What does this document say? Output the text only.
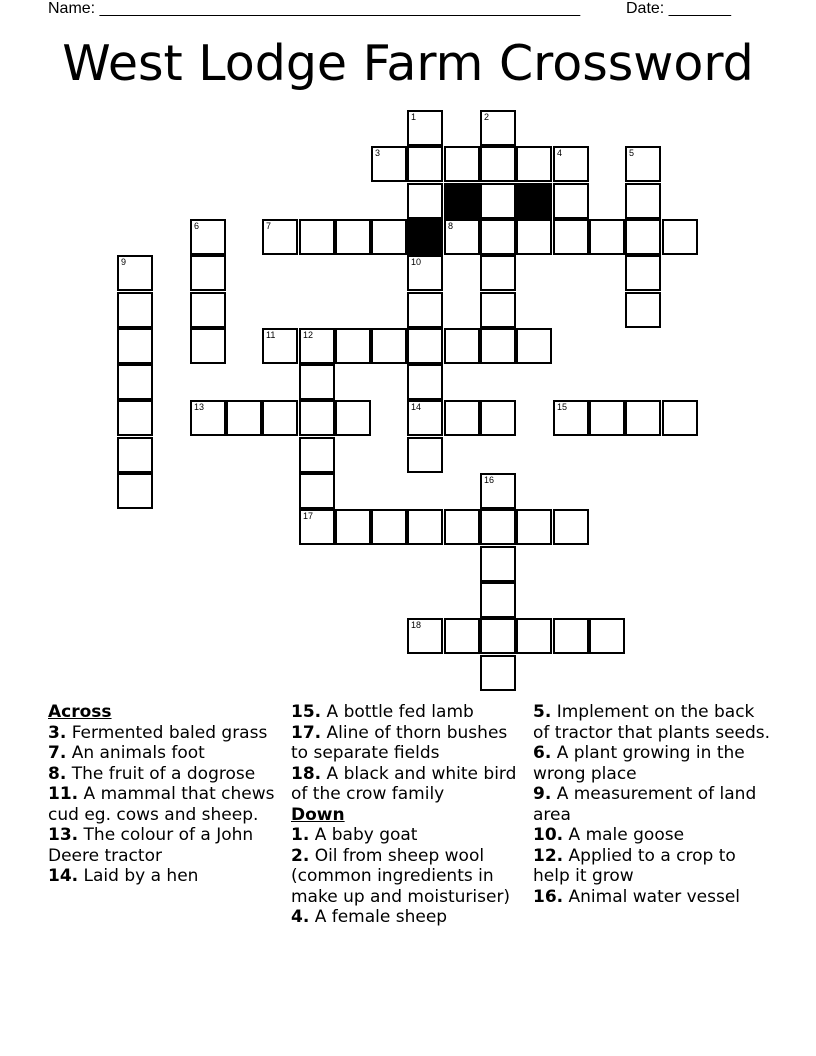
Name: ______________________________________________________	Date: _______
West Lodge Farm Crossword
1	2
3	4	5
6	7	8
9	10
11	12
13	14	15
16
17
18
Across
3. Fermented baled grass
7. An animals foot
8. The fruit of a dogrose
11. A mammal that chews cud eg. cows and sheep.
13. The colour of a John Deere tractor
14. Laid by a hen
15. A bottle fed lamb
17. Aline of thorn bushes to separate fields
18. A black and white bird of the crow family
Down
1. A baby goat
2. Oil from sheep wool (common ingredients in make up and moisturiser)
4. A female sheep
5. Implement on the back of tractor that plants seeds.
6. A plant growing in the wrong place
9. A measurement of land area
10. A male goose
12. Applied to a crop to help it grow
16. Animal water vessel
